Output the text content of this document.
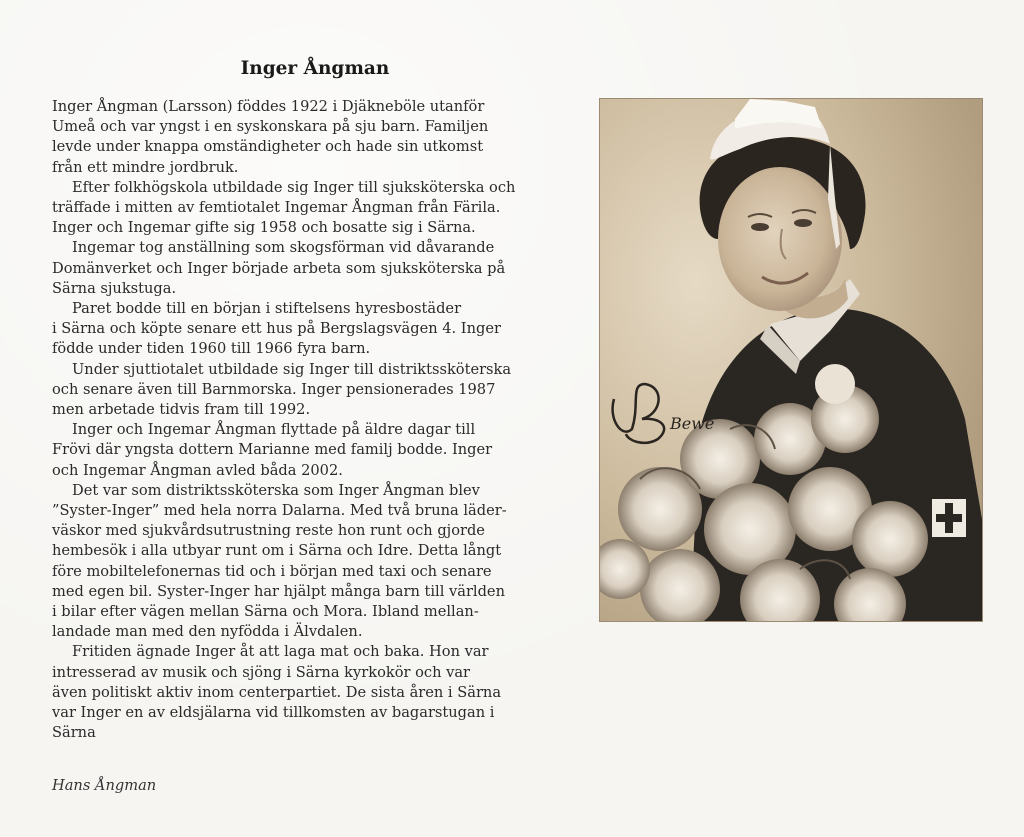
Inger Ångman
Inger Ångman (Larsson) föddes 1922 i Djäkneböle utanför
Umeå och var yngst i en syskonskara på sju barn. Familjen
levde under knappa omständigheter och hade sin utkomst
från ett mindre jordbruk.
Efter folkhögskola utbildade sig Inger till sjuksköterska och
träffade i mitten av femtiotalet Ingemar Ångman från Färila.
Inger och Ingemar gifte sig 1958 och bosatte sig i Särna.
Ingemar tog anställning som skogsförman vid dåvarande
Domänverket och Inger började arbeta som sjuksköterska på
Särna sjukstuga.
Paret bodde till en början i stiftelsens hyresbostäder
i Särna och köpte senare ett hus på Bergslagsvägen 4. Inger
födde under tiden 1960 till 1966 fyra barn.
Under sjuttiotalet utbildade sig Inger till distriktssköterska
och senare även till Barnmorska. Inger pensionerades 1987
men arbetade tidvis fram till 1992.
Inger och Ingemar Ångman flyttade på äldre dagar till
Frövi där yngsta dottern Marianne med familj bodde. Inger
och Ingemar Ångman avled båda 2002.
Det var som distriktssköterska som Inger Ångman blev
”Syster-Inger” med hela norra Dalarna. Med två bruna läder-
väskor med sjukvårdsutrustning reste hon runt och gjorde
hembesök i alla utbyar runt om i Särna och Idre. Detta långt
före mobiltelefonernas tid och i början med taxi och senare
med egen bil. Syster-Inger har hjälpt många barn till världen
i bilar efter vägen mellan Särna och Mora. Ibland mellan-
landade man med den nyfödda i Älvdalen.
Fritiden ägnade Inger åt att laga mat och baka. Hon var
intresserad av musik och sjöng i Särna kyrkokör och var
även politiskt aktiv inom centerpartiet. De sista åren i Särna
var Inger en av eldsjälarna vid tillkomsten av bagarstugan i
Särna
Hans Ångman
Bewe
